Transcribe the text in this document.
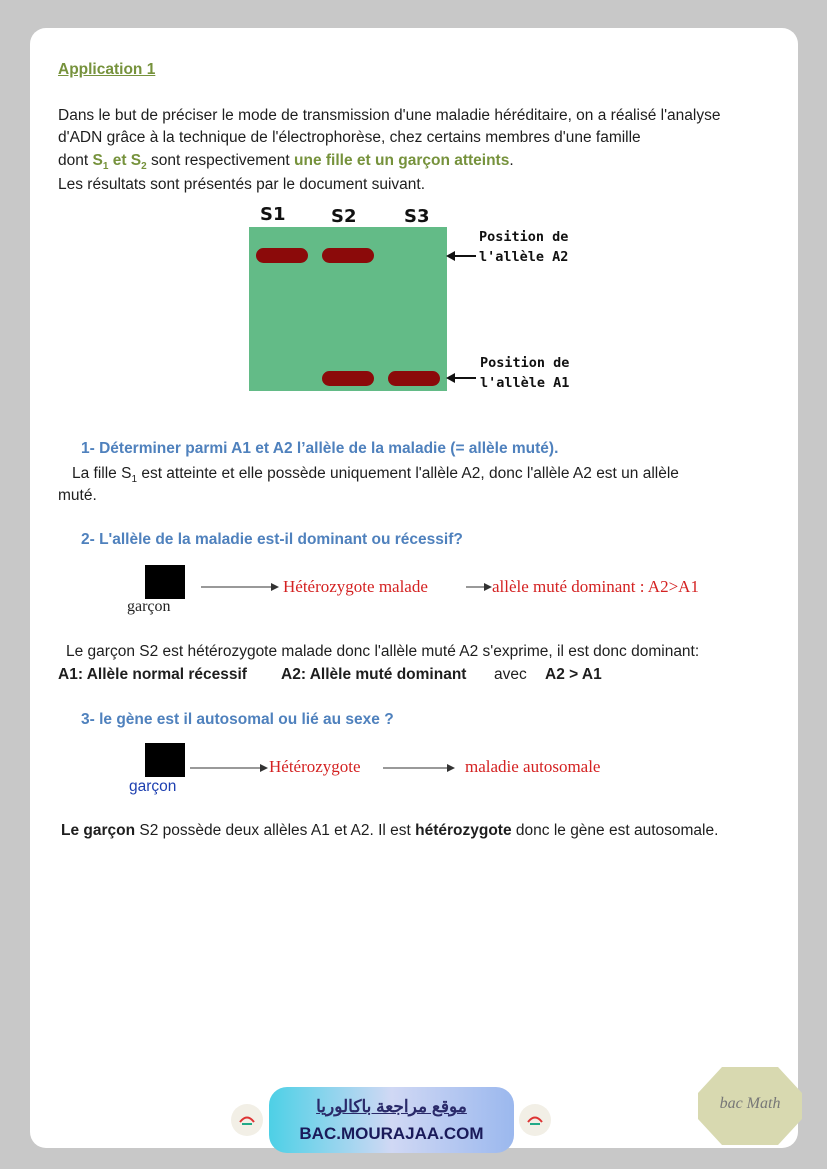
Application 1
Dans le but de préciser le mode de transmission d'une maladie héréditaire, on a réalisé l'analyse
d'ADN grâce à la technique de l'électrophorèse, chez certains membres d'une famille
dont $S_1$ et $S_2$ sont respectivement une fille et un garçon atteints.
Les résultats sont présentés par le document suivant.
S1	S2	S3
Position de
l'allèle A2
Position de
l'allèle A1
1- Déterminer parmi A1 et A2 l’allèle de la maladie (= allèle muté).
La fille $S_1$ est atteinte et elle possède uniquement l'allèle A2, donc l'allèle A2 est un allèle
muté.
2- L'allèle de la maladie est-il dominant ou récessif?
garçon
Hétérozygote malade	allèle muté dominant : A2>A1
Le garçon S2 est hétérozygote malade donc l'allèle muté A2 s'exprime, il est donc dominant:
A1: Allèle normal récessif A2: Allèle muté dominant avec A2 > A1
3- le gène est il autosomal ou lié au sexe ?
garçon
Hétérozygote	maladie autosomale
Le garçon S2 possède deux allèles A1 et A2. Il est hétérozygote donc le gène est autosomale.
موقع مراجعة باكالوريا
BAC.MOURAJAA.COM
bac Math
